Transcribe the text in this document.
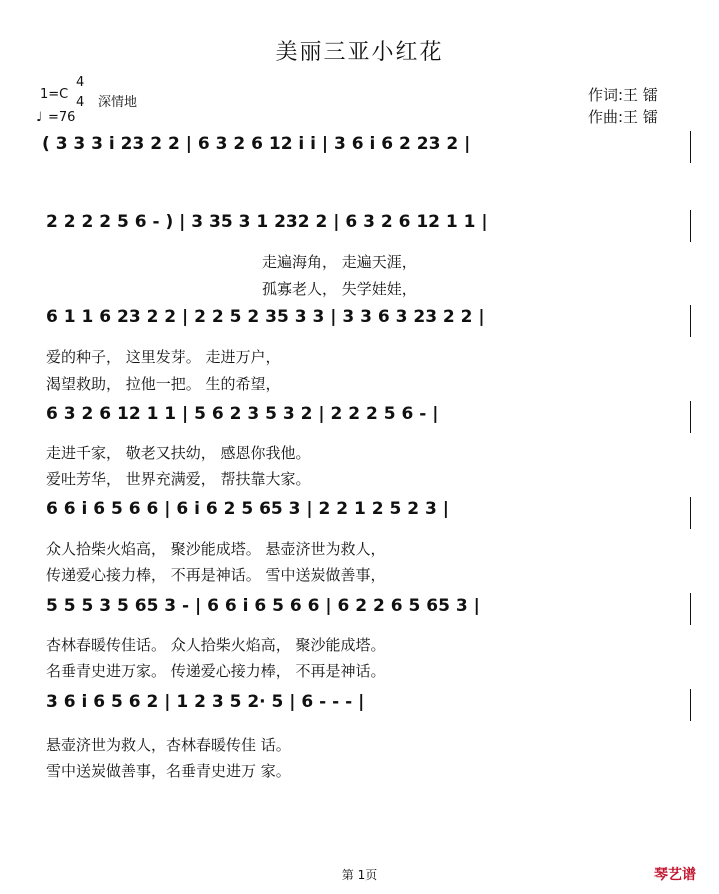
美丽三亚小红花
1=C
4
4 深情地
♩ =76
作词:王 镭
作曲:王 镭
( 3 3 3 i 23 2 2 | 6 3 2 6 12 i i | 3 6 i 6 2 23 2 |
2 2 2 2 5 6 - ) | 3 35 3 1 232 2 | 6 3 2 6 12 1 1 |
6 1 1 6 23 2 2 | 2 2 5 2 35 3 3 | 3 3 6 3 23 2 2 |
6 3 2 6 12 1 1 | 5 6 2 3 5 3 2 | 2 2 2 5 6 - |
6 6 i 6 5 6 6 | 6 i 6 2 5 65 3 | 2 2 1 2 5 2 3 |
5 5 5 3 5 65 3 - | 6 6 i 6 5 6 6 | 6 2 2 6 5 65 3 |
3 6 i 6 5 6 2 | 1 2 3 5 2· 5 | 6 - - - |
走遍海角， 走遍天涯，
孤寡老人， 失学娃娃，
爱的种子， 这里发芽。 走进万户，
渴望救助， 拉他一把。 生的希望，
走进千家， 敬老又扶幼， 感恩你我他。
爱吐芳华， 世界充满爱， 帮扶靠大家。
众人拾柴火焰高， 聚沙能成塔。 悬壶济世为救人，
传递爱心接力棒， 不再是神话。 雪中送炭做善事，
杏林春暖传佳话。 众人拾柴火焰高， 聚沙能成塔。
名垂青史进万家。 传递爱心接力棒， 不再是神话。
悬壶济世为救人，杏林春暖传佳 话。
雪中送炭做善事，名垂青史进万 家。
第 1页	琴艺谱
